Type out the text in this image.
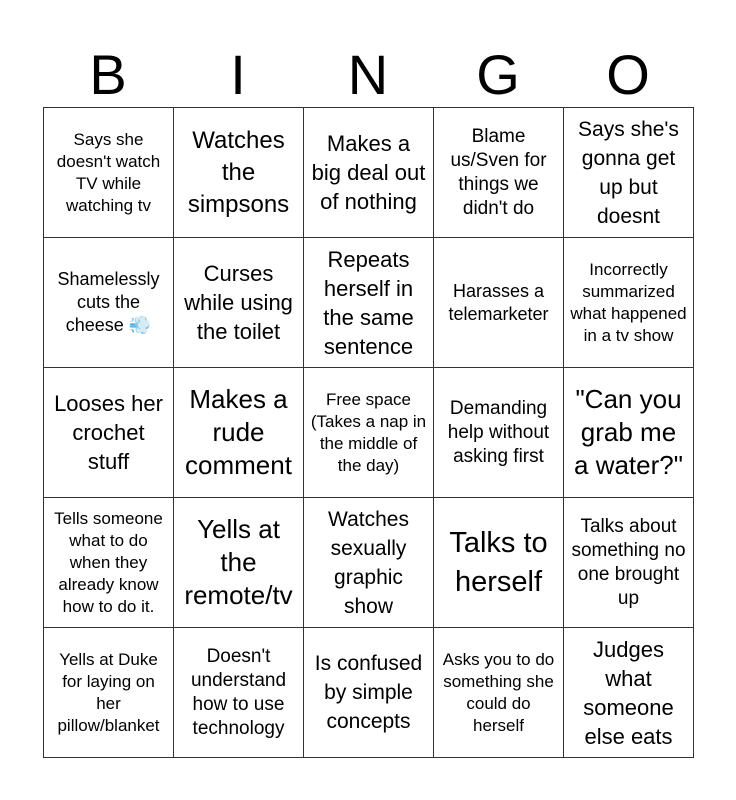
B	I	N	G	O
Says she doesn't watch TV while watching tv
Watches the simpsons
Makes a big deal out of nothing
Blame us/Sven for things we didn't do
Says she's gonna get up but doesnt
Shamelessly cuts the cheese 💨
Curses while using the toilet
Repeats herself in the same sentence
Harasses a telemarketer
Incorrectly summarized what happened in a tv show
Looses her crochet stuff
Makes a rude comment
Free space (Takes a nap in the middle of the day)
Demanding help without asking first
"Can you grab me a water?"
Tells someone what to do when they already know how to do it.
Yells at the remote/tv
Watches sexually graphic show
Talks to herself
Talks about something no one brought up
Yells at Duke for laying on her pillow/blanket
Doesn't understand how to use technology
Is confused by simple concepts
Asks you to do something she could do herself
Judges what someone else eats
